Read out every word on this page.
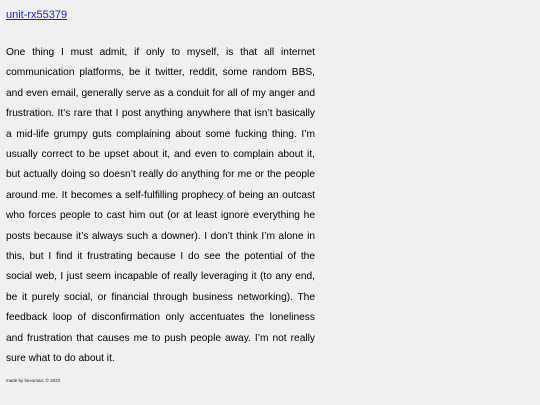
unit-rx55379

One thing I must admit, if only to myself, is that all internet communication platforms, be it twitter, reddit, some random BBS, and even email, generally serve as a conduit for all of my anger and frustration. It’s rare that I post anything anywhere that isn’t basically a mid-life grumpy guts complaining about some fucking thing. I’m usually correct to be upset about it, and even to complain about it, but actually doing so doesn’t really do anything for me or the people around me. It becomes a self-fulfilling prophecy of being an outcast who forces people to cast him out (or at least ignore everything he posts because it’s always such a downer). I don’t think I’m alone in this, but I find it frustrating because I do see the potential of the social web, I just seem incapable of really leveraging it (to any end, be it purely social, or financial through business networking). The feedback loop of disconfirmation only accentuates the loneliness and frustration that causes me to push people away. I’m not really sure what to do about it.

made by hexoman, © 2023
